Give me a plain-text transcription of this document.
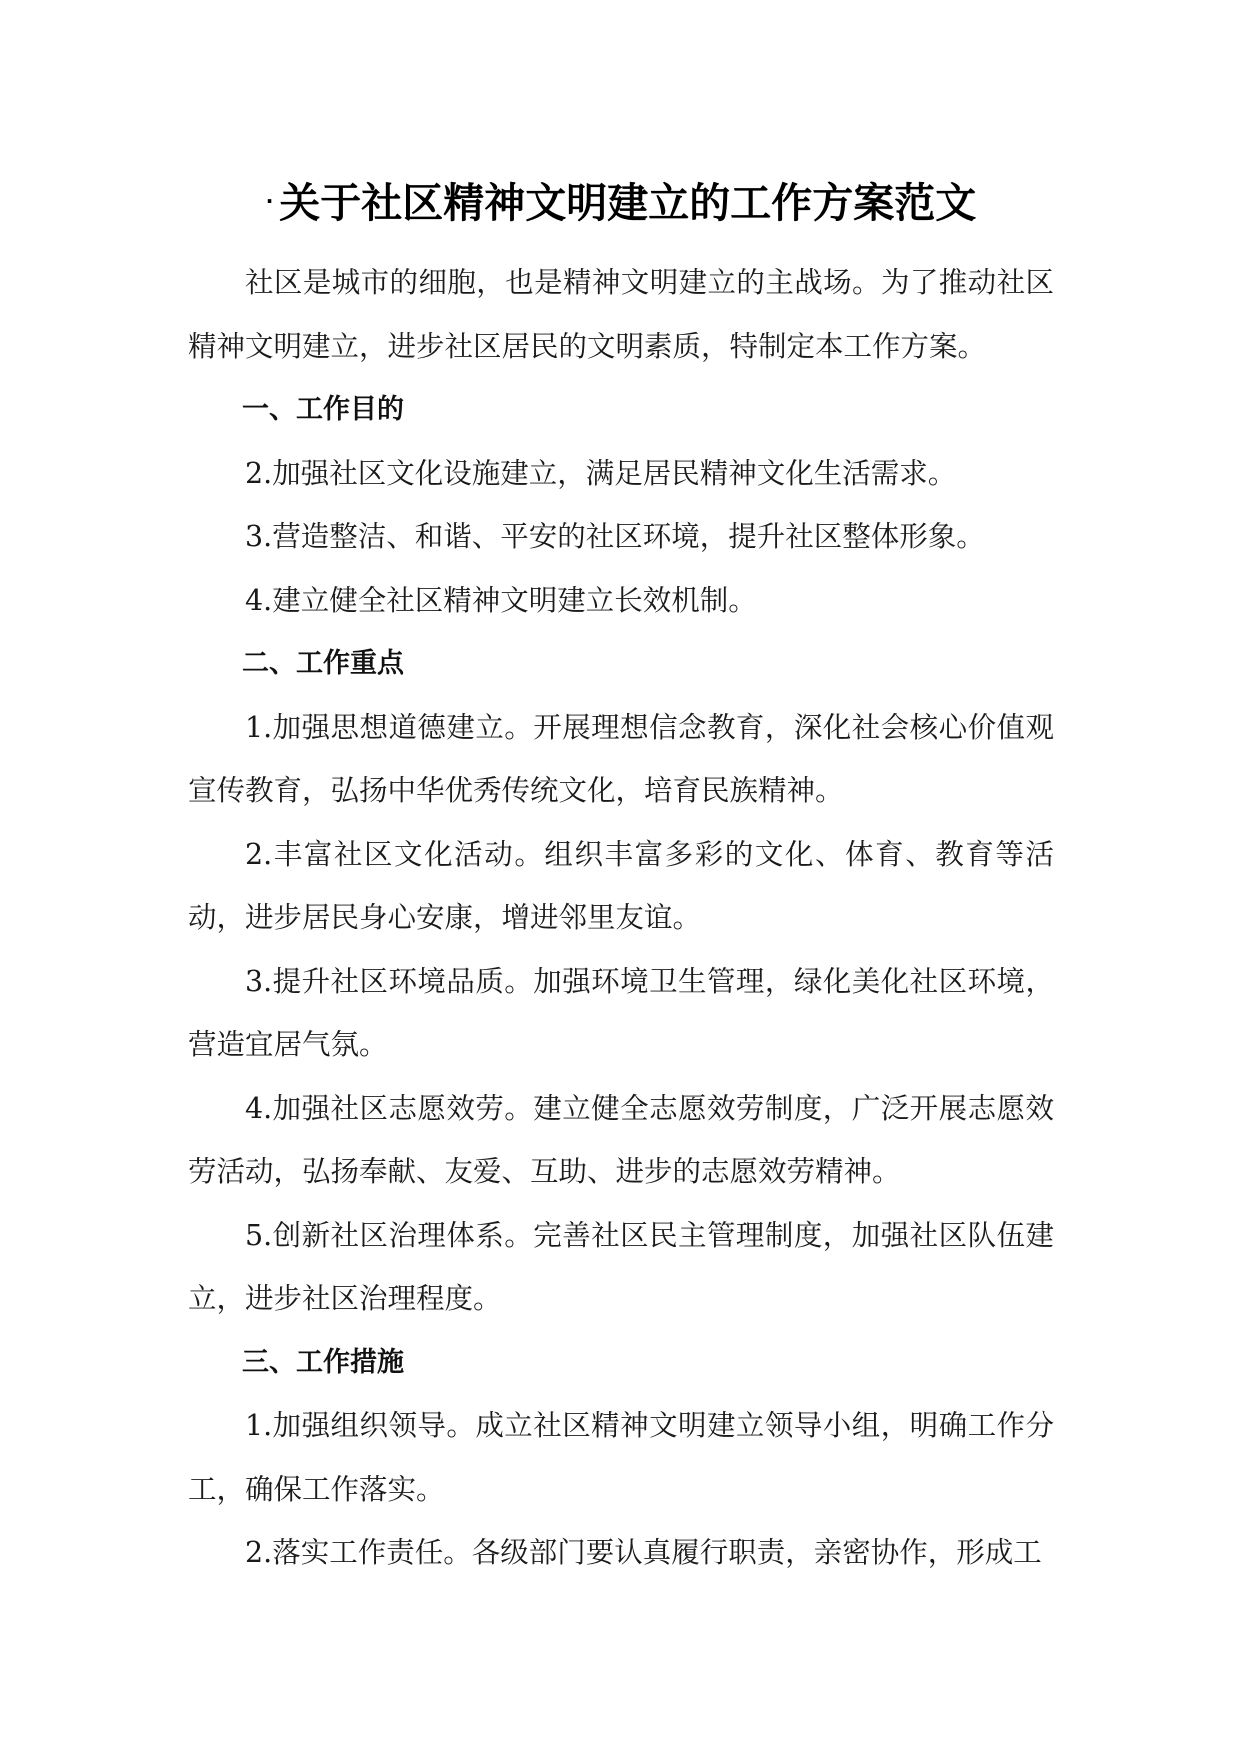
· 关于社区精神文明建立的工作方案范文

社区是城市的细胞，也是精神文明建立的主战场。为了推动社区精神文明建立，进步社区居民的文明素质，特制定本工作方案。

一、工作目的

2.加强社区文化设施建立，满足居民精神文化生活需求。

3.营造整洁、和谐、平安的社区环境，提升社区整体形象。

4.建立健全社区精神文明建立长效机制。

二、工作重点

1.加强思想道德建立。开展理想信念教育，深化社会核心价值观宣传教育，弘扬中华优秀传统文化，培育民族精神。

2.丰富社区文化活动。组织丰富多彩的文化、体育、教育等活动，进步居民身心安康，增进邻里友谊。

3.提升社区环境品质。加强环境卫生管理，绿化美化社区环境，营造宜居气氛。

4.加强社区志愿效劳。建立健全志愿效劳制度，广泛开展志愿效劳活动，弘扬奉献、友爱、互助、进步的志愿效劳精神。

5.创新社区治理体系。完善社区民主管理制度，加强社区队伍建立，进步社区治理程度。

三、工作措施

1.加强组织领导。成立社区精神文明建立领导小组，明确工作分工，确保工作落实。

2.落实工作责任。各级部门要认真履行职责，亲密协作，形成工
